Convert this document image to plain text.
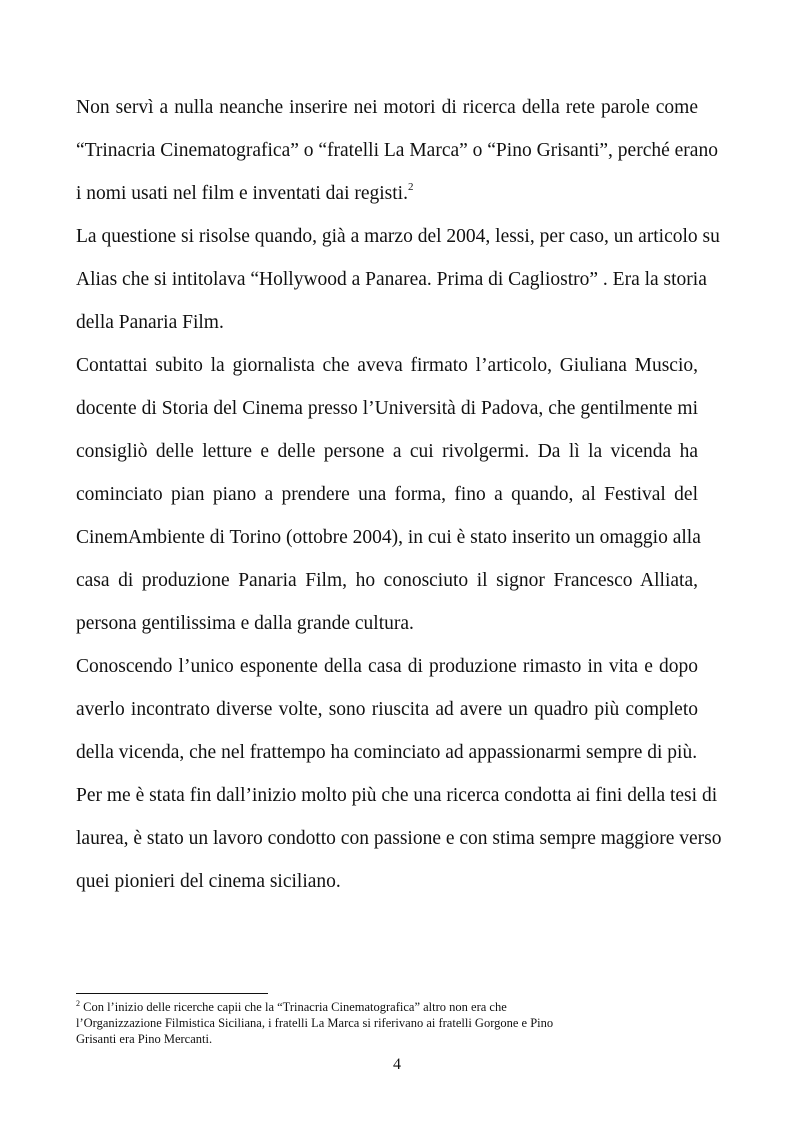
Non servì a nulla neanche inserire nei motori di ricerca della rete parole come
“Trinacria Cinematografica” o “fratelli La Marca” o “Pino Grisanti”, perché erano
i nomi usati nel film e inventati dai registi.$^2$

La questione si risolse quando, già a marzo del 2004, lessi, per caso, un articolo su
Alias che si intitolava “Hollywood a Panarea. Prima di Cagliostro” . Era la storia
della Panaria Film.

Contattai subito la giornalista che aveva firmato l’articolo, Giuliana Muscio,
docente di Storia del Cinema presso l’Università di Padova, che gentilmente mi
consigliò delle letture e delle persone a cui rivolgermi. Da lì la vicenda ha
cominciato pian piano a prendere una forma, fino a quando, al Festival del
CinemAmbiente di Torino (ottobre 2004), in cui è stato inserito un omaggio alla
casa di produzione Panaria Film, ho conosciuto il signor Francesco Alliata,
persona gentilissima e dalla grande cultura.

Conoscendo l’unico esponente della casa di produzione rimasto in vita e dopo
averlo incontrato diverse volte, sono riuscita ad avere un quadro più completo
della vicenda, che nel frattempo ha cominciato ad appassionarmi sempre di più.

Per me è stata fin dall’inizio molto più che una ricerca condotta ai fini della tesi di
laurea, è stato un lavoro condotto con passione e con stima sempre maggiore verso
quei pionieri del cinema siciliano.

$^2$ Con l’inizio delle ricerche capii che la “Trinacria Cinematografica” altro non era che
l’Organizzazione Filmistica Siciliana, i fratelli La Marca si riferivano ai fratelli Gorgone e Pino
Grisanti era Pino Mercanti.
4
